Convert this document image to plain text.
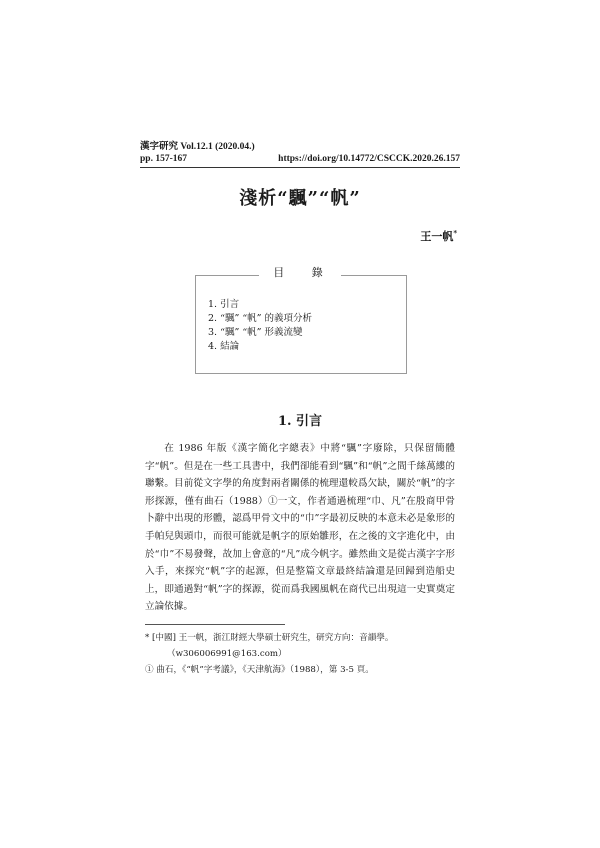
漢字研究 Vol.12.1 (2020.04.)
pp. 157-167	https://doi.org/10.14772/CSCCK.2020.26.157
淺析“颿”“帆”
王一帆*
目 錄
1. 引言
2. “颿” “帆” 的義項分析
3. “颿” “帆” 形義流變
4. 結論
1. 引言

在 1986 年版《漢字簡化字總表》中將“颿”字廢除，只保留簡體字“帆”。但是在一些工具書中，我們卻能看到“颿”和“帆”之間千絲萬縷的聯繫。目前從文字學的角度對兩者關係的梳理還較爲欠缺，關於“帆”的字形探源，僅有曲石（1988）①一文，作者通過梳理“巾、凡”在殷商甲骨卜辭中出現的形體，認爲甲骨文中的“巾”字最初反映的本意未必是象形的手帕兒與頭巾，而很可能就是帆字的原始雛形，在之後的文字進化中，由於“巾”不易發聲，故加上會意的“凡”成今帆字。雖然曲文是從古漢字字形入手，來探究“帆”字的起源，但是整篇文章最終結論還是回歸到造船史上，即通過對“帆”字的探源，從而爲我國風帆在商代已出現這一史實奠定立論依據。

* [中國] 王一帆，浙江財經大學碩士研究生，研究方向：音韻學。
（w306006991@163.com）
① 曲石，《“帆”字考議》，《天津航海》（1988），第 3-5 頁。
